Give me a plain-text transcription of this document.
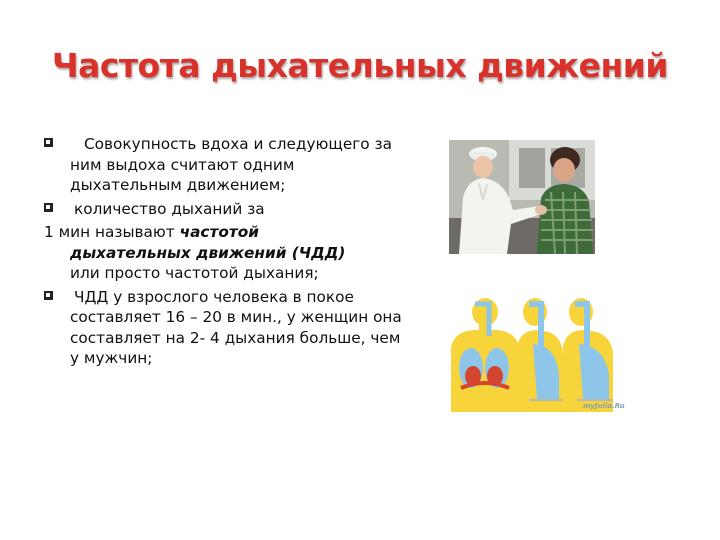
Частота дыхательных движений
Совокупность вдоха и следующего за ним выдоха считают одним дыхательным движением;
количество дыханий за
1 мин называют частотой
дыхательных движений (ЧДД)
или просто частотой дыхания;
ЧДД у взрослого человека в покое составляет 16 – 20 в мин., у женщин она составляет на 2- 4 дыхания больше, чем у мужчин;
myJulia.Ru
